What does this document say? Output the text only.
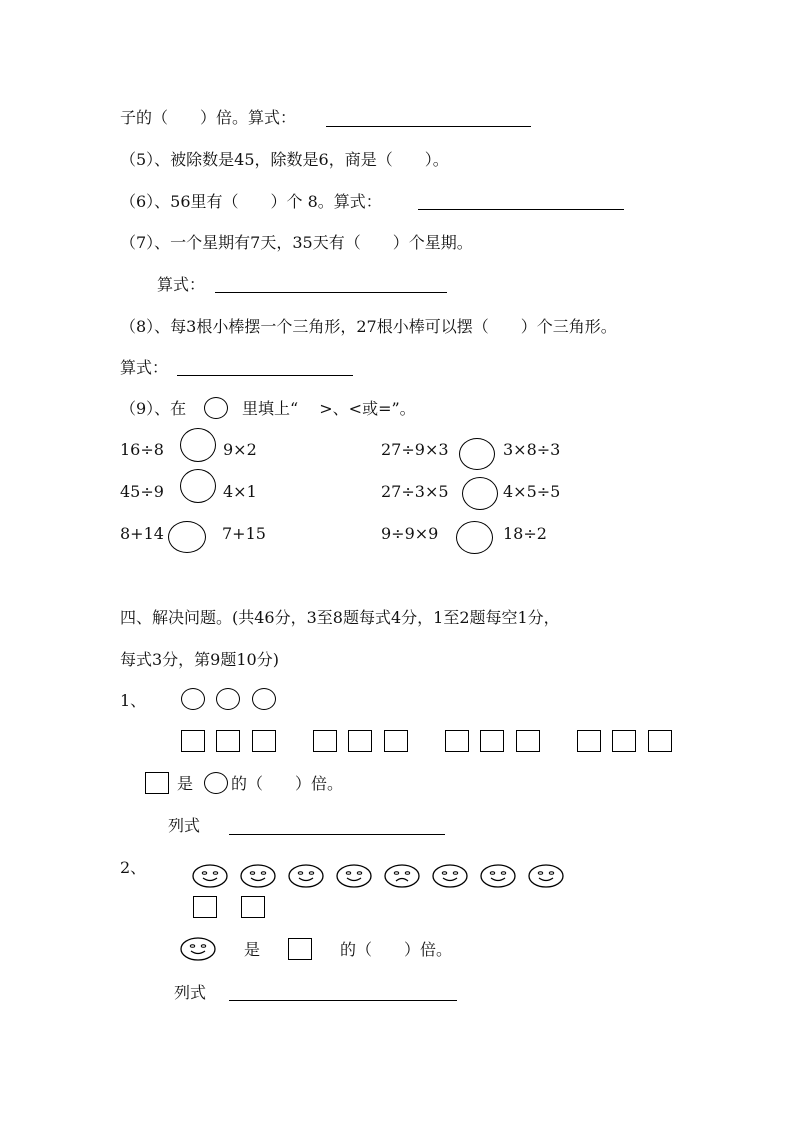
子的（　　）倍。算式：
（5）、被除数是45，除数是6，商是（　　）。
（6）、56里有（　　）个 8。算式：
（7）、一个星期有7天，35天有（　　）个星期。
算式：
（8）、每3根小棒摆一个三角形，27根小棒可以摆（　　）个三角形。
算式：
（9）、在	里填上“　 >、<或=”。
16÷8	9×2	27÷9×3	3×8÷3
45÷9	4×1	27÷3×5	4×5÷5
8+14	7+15	9÷9×9	18÷2
四、解决问题。(共46分，3至8题每式4分，1至2题每空1分，
每式3分，第9题10分)
1、
是 的（　　）倍。
列式
2、
是	的（　　）倍。
列式
